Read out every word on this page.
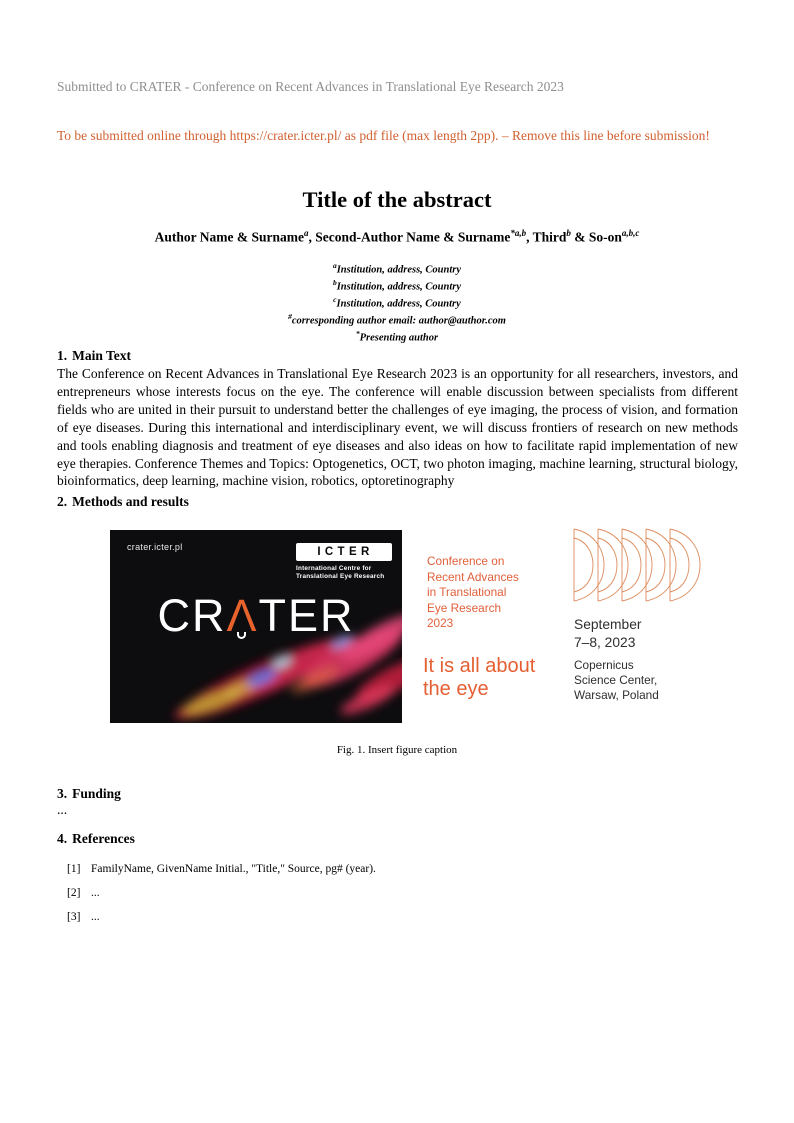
Submitted to CRATER - Conference on Recent Advances in Translational Eye Research 2023
To be submitted online through https://crater.icter.pl/ as pdf file (max length 2pp). – Remove this line before submission!
Title of the abstract
Author Name & Surname$^a$, Second-Author Name & Surname$^{*a,b}$, Third$^b$ & So-on$^{a,b,c}$
$^a$Institution, address, Country
$^b$Institution, address, Country
$^c$Institution, address, Country
#corresponding author email: author@author.com
*Presenting author
1. Main Text

The Conference on Recent Advances in Translational Eye Research 2023 is an opportunity for all researchers, investors, and entrepreneurs whose interests focus on the eye. The conference will enable discussion between specialists from different fields who are united in their pursuit to understand better the challenges of eye imaging, the process of vision, and formation of eye diseases. During this international and interdisciplinary event, we will discuss frontiers of research on new methods and tools enabling diagnosis and treatment of eye diseases and also ideas on how to facilitate rapid implementation of new eye therapies. Conference Themes and Topics: Optogenetics, OCT, two photon imaging, machine learning, structural biology, bioinformatics, deep learning, machine vision, robotics, optoretinography

2. Methods and results
crater.icter.pl	ICTER
International Centre for
Translational Eye Research
CRΛ
TER
Conference on
Recent Advances
in Translational
Eye Research
2023
It is all about
the eye
September
7–8, 2023
Copernicus
Science Center,
Warsaw, Poland
Fig. 1. Insert figure caption
3. Funding
...
4. References
[1] FamilyName, GivenName Initial., "Title," Source, pg# (year).
[2] ...
[3] ...
